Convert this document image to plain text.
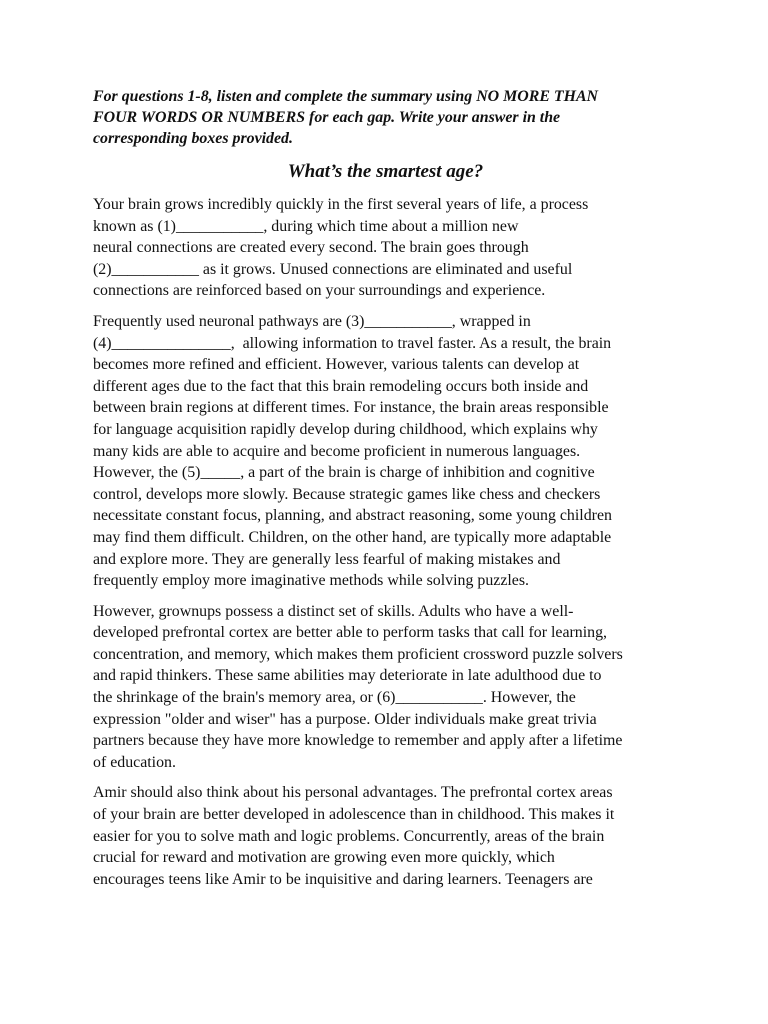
For questions 1-8, listen and complete the summary using NO MORE THAN
FOUR WORDS OR NUMBERS for each gap. Write your answer in the
corresponding boxes provided.

What’s the smartest age?

Your brain grows incredibly quickly in the first several years of life, a process
known as (1)___________, during which time about a million new
neural connections are created every second. The brain goes through
(2)___________ as it grows. Unused connections are eliminated and useful
connections are reinforced based on your surroundings and experience.

Frequently used neuronal pathways are (3)___________, wrapped in
(4)_______________,  allowing information to travel faster. As a result, the brain
becomes more refined and efficient. However, various talents can develop at
different ages due to the fact that this brain remodeling occurs both inside and
between brain regions at different times. For instance, the brain areas responsible
for language acquisition rapidly develop during childhood, which explains why
many kids are able to acquire and become proficient in numerous languages.
However, the (5)_____, a part of the brain is charge of inhibition and cognitive
control, develops more slowly. Because strategic games like chess and checkers
necessitate constant focus, planning, and abstract reasoning, some young children
may find them difficult. Children, on the other hand, are typically more adaptable
and explore more. They are generally less fearful of making mistakes and
frequently employ more imaginative methods while solving puzzles.

However, grownups possess a distinct set of skills. Adults who have a well-
developed prefrontal cortex are better able to perform tasks that call for learning,
concentration, and memory, which makes them proficient crossword puzzle solvers
and rapid thinkers. These same abilities may deteriorate in late adulthood due to
the shrinkage of the brain's memory area, or (6)___________. However, the
expression "older and wiser" has a purpose. Older individuals make great trivia
partners because they have more knowledge to remember and apply after a lifetime
of education.

Amir should also think about his personal advantages. The prefrontal cortex areas
of your brain are better developed in adolescence than in childhood. This makes it
easier for you to solve math and logic problems. Concurrently, areas of the brain
crucial for reward and motivation are growing even more quickly, which
encourages teens like Amir to be inquisitive and daring learners. Teenagers are
